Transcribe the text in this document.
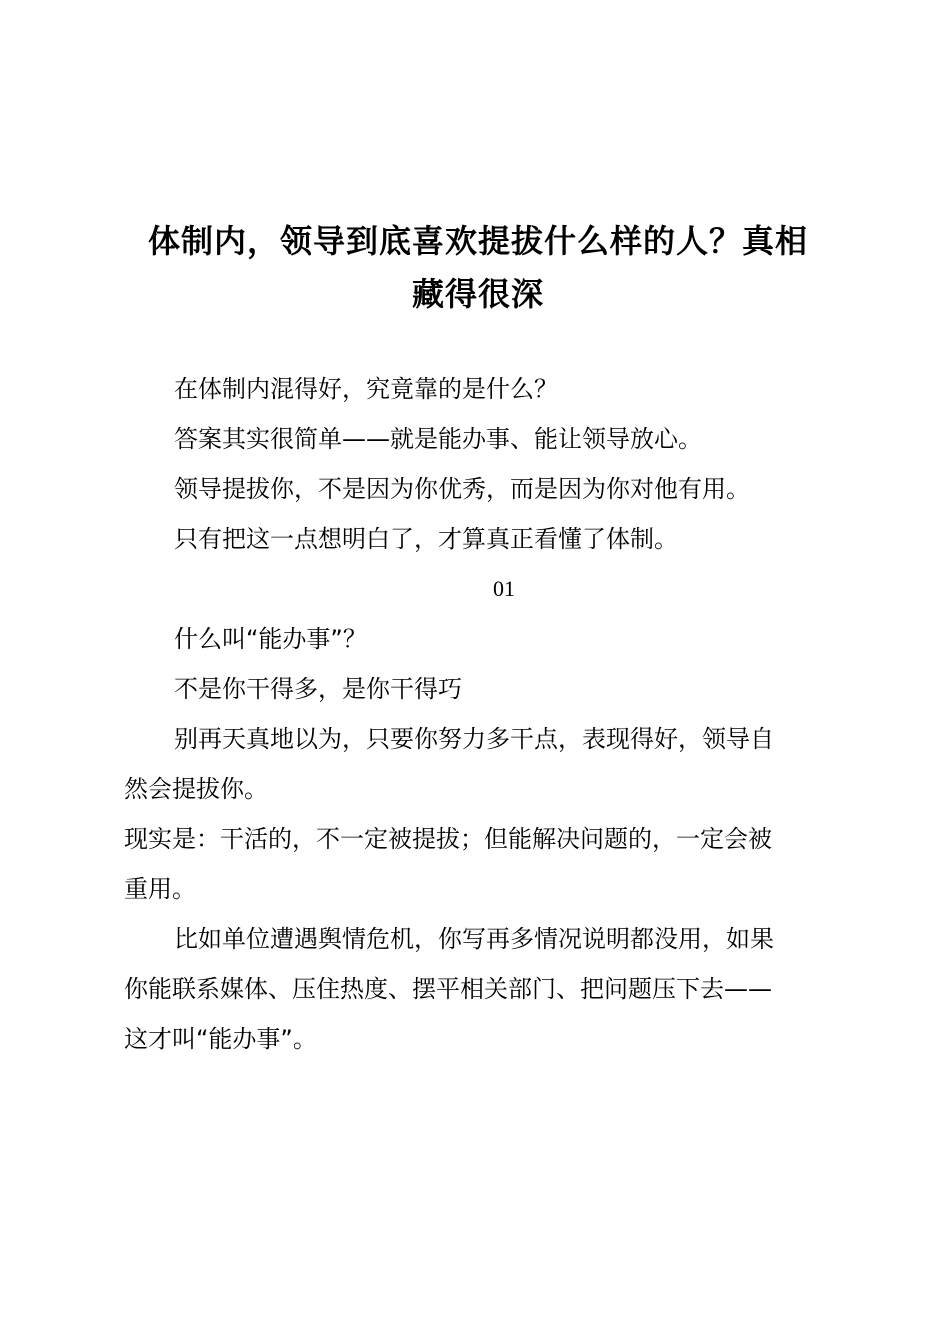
体制内，领导到底喜欢提拔什么样的人？真相
藏得很深
在体制内混得好，究竟靠的是什么？
答案其实很简单——就是能办事、能让领导放心。
领导提拔你，不是因为你优秀，而是因为你对他有用。
只有把这一点想明白了，才算真正看懂了体制。
01
什么叫“能办事”？
不是你干得多，是你干得巧
别再天真地以为，只要你努力多干点，表现得好，领导自
然会提拔你。
现实是：干活的，不一定被提拔；但能解决问题的，一定会被
重用。
比如单位遭遇舆情危机，你写再多情况说明都没用，如果
你能联系媒体、压住热度、摆平相关部门、把问题压下去——
这才叫“能办事”。
